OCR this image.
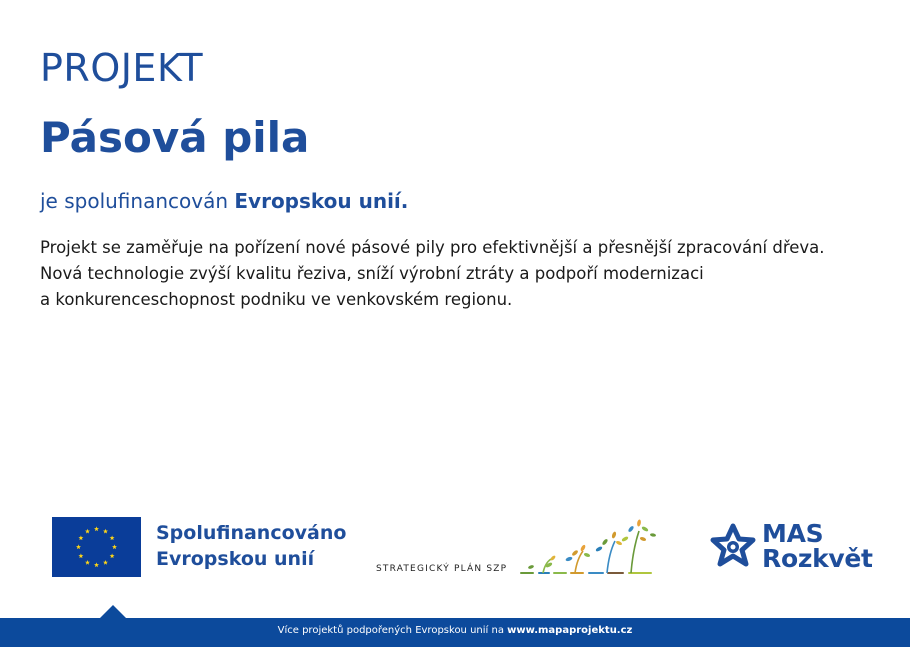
PROJEKT
Pásová pila
je spolufinancován Evropskou unií.
Projekt se zaměřuje na pořízení nové pásové pily pro efektivnější a přesnější zpracování dřeva.
Nová technologie zvýší kvalitu řeziva, sníží výrobní ztráty a podpoří modernizaci
a konkurenceschopnost podniku ve venkovském regionu.
Spolufinancováno
Evropskou unií	STRATEGICKÝ PLÁN SZP
MAS
Rozkvět
Více projektů podpořených Evropskou unií na www.mapaprojektu.cz
